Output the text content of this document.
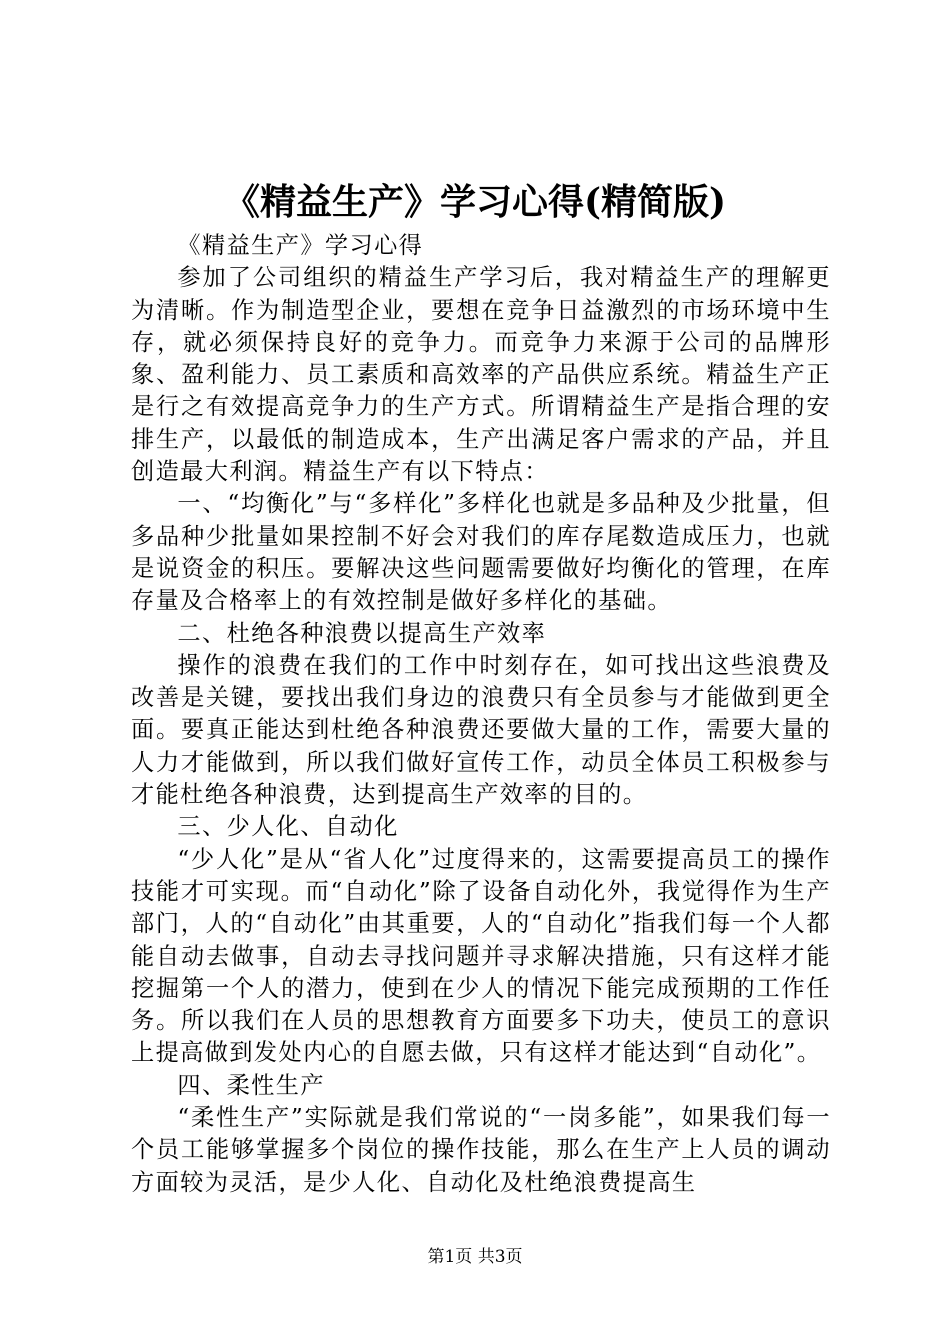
《精益生产》学习心得(精简版)

《精益生产》学习心得

参加了公司组织的精益生产学习后，我对精益生产的理解更为清晰。作为制造型企业，要想在竞争日益激烈的市场环境中生存，就必须保持良好的竞争力。而竞争力来源于公司的品牌形象、盈利能力、员工素质和高效率的产品供应系统。精益生产正是行之有效提高竞争力的生产方式。所谓精益生产是指合理的安排生产，以最低的制造成本，生产出满足客户需求的产品，并且创造最大利润。精益生产有以下特点：

一、“均衡化”与“多样化”多样化也就是多品种及少批量，但多品种少批量如果控制不好会对我们的库存尾数造成压力，也就是说资金的积压。要解决这些问题需要做好均衡化的管理，在库存量及合格率上的有效控制是做好多样化的基础。

二、杜绝各种浪费以提高生产效率

操作的浪费在我们的工作中时刻存在，如可找出这些浪费及改善是关键，要找出我们身边的浪费只有全员参与才能做到更全面。要真正能达到杜绝各种浪费还要做大量的工作，需要大量的人力才能做到，所以我们做好宣传工作，动员全体员工积极参与才能杜绝各种浪费，达到提高生产效率的目的。

三、少人化、自动化

“少人化”是从“省人化”过度得来的，这需要提高员工的操作技能才可实现。而“自动化”除了设备自动化外，我觉得作为生产部门，人的“自动化”由其重要，人的“自动化”指我们每一个人都能自动去做事，自动去寻找问题并寻求解决措施，只有这样才能挖掘第一个人的潜力，使到在少人的情况下能完成预期的工作任务。所以我们在人员的思想教育方面要多下功夫，使员工的意识上提高做到发处内心的自愿去做，只有这样才能达到“自动化”。

四、柔性生产

“柔性生产”实际就是我们常说的“一岗多能”，如果我们每一个员工能够掌握多个岗位的操作技能，那么在生产上人员的调动方面较为灵活，是少人化、自动化及杜绝浪费提高生

第1页 共3页
